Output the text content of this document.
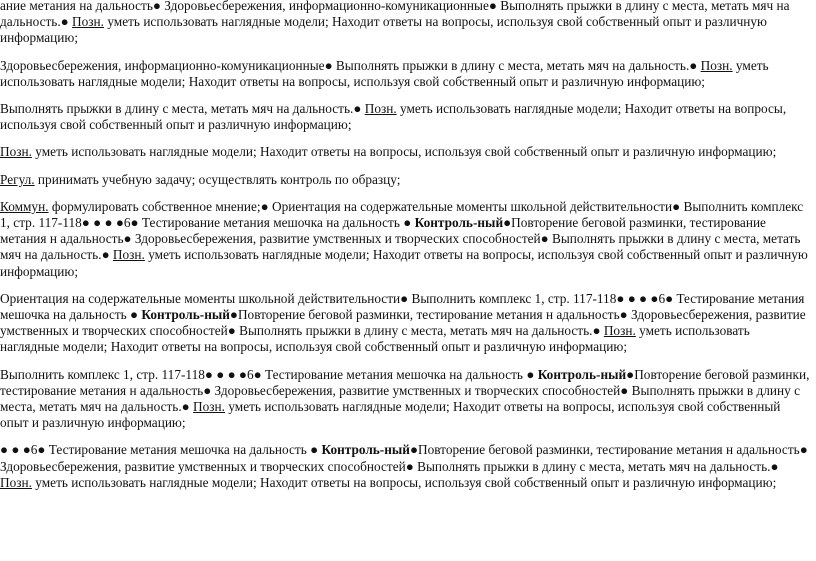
ание метания на дальность● Здоровьесбережения, информационно-комуникационные● Выполнять прыжки в длину с места, метать мяч на дальность.● Позн. уметь использовать наглядные модели; Находит ответы на вопросы, используя свой собственный опыт и различную информацию;

Здоровьесбережения, информационно-комуникационные● Выполнять прыжки в длину с места, метать мяч на дальность.● Позн. уметь использовать наглядные модели; Находит ответы на вопросы, используя свой собственный опыт и различную информацию;

Выполнять прыжки в длину с места, метать мяч на дальность.● Позн. уметь использовать наглядные модели; Находит ответы на вопросы, используя свой собственный опыт и различную информацию;

Позн. уметь использовать наглядные модели; Находит ответы на вопросы, используя свой собственный опыт и различную информацию;

Регул. принимать учебную задачу; осуществлять контроль по образцу;

Коммун. формулировать собственное мнение;● Ориентация на содержательные моменты школьной действительности● Выполнить комплекс 1, стр. 117-118● ● ● ●6● Тестирование метания мешочка на дальность ● Контроль-ный●Повторение беговой разминки, тестирование метания н адальность● Здоровьесбережения, развитие умственных и творческих способностей● Выполнять прыжки в длину с места, метать мяч на дальность.● Позн. уметь использовать наглядные модели; Находит ответы на вопросы, используя свой собственный опыт и различную информацию;

Ориентация на содержательные моменты школьной действительности● Выполнить комплекс 1, стр. 117-118● ● ● ●6● Тестирование метания мешочка на дальность ● Контроль-ный●Повторение беговой разминки, тестирование метания н адальность● Здоровьесбережения, развитие умственных и творческих способностей● Выполнять прыжки в длину с места, метать мяч на дальность.● Позн. уметь использовать наглядные модели; Находит ответы на вопросы, используя свой собственный опыт и различную информацию;

Выполнить комплекс 1, стр. 117-118● ● ● ●6● Тестирование метания мешочка на дальность ● Контроль-ный●Повторение беговой разминки, тестирование метания н адальность● Здоровьесбережения, развитие умственных и творческих способностей● Выполнять прыжки в длину с места, метать мяч на дальность.● Позн. уметь использовать наглядные модели; Находит ответы на вопросы, используя свой собственный опыт и различную информацию;

● ● ●6● Тестирование метания мешочка на дальность ● Контроль-ный●Повторение беговой разминки, тестирование метания н адальность● Здоровьесбережения, развитие умственных и творческих способностей● Выполнять прыжки в длину с места, метать мяч на дальность.● Позн. уметь использовать наглядные модели; Находит ответы на вопросы, используя свой собственный опыт и различную информацию;
